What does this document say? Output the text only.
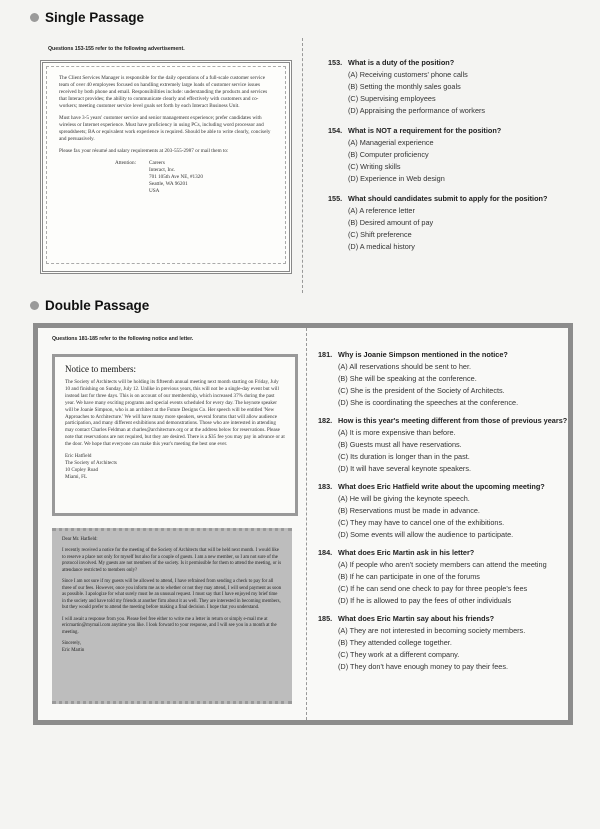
Single Passage
Questions 153-155 refer to the following advertisement.

The Client Services Manager is responsible for the daily operations of a full-scale customer service team of over 40 employees focused on handling extremely large loads of customer service issues received by both phone and email. Responsibilities include: understanding the products and services that Interact provides; the ability to communicate clearly and effectively with customers and co-workers; meeting customer service level goals set forth by each Interact Business Unit.

Must have 3-5 years' customer service and senior management experience; prefer candidates with wireless or Internet experience. Must have proficiency in using PCs, including word processor and spreadsheets; BA or equivalent work experience is required. Should be able to write clearly, concisely and persuasively.

Please fax your résumé and salary requirements at 203-555-2987 or mail them to:

Attention:	Careers
Interact, Inc.
701 105th Ave NE, #1320
Seattle, WA 96201
USA
153. What is a duty of the position?
(A) Receiving customers' phone calls
(B) Setting the monthly sales goals
(C) Supervising employees
(D) Appraising the performance of workers
154. What is NOT a requirement for the position?
(A) Managerial experience
(B) Computer proficiency
(C) Writing skills
(D) Experience in Web design
155. What should candidates submit to apply for the position?
(A) A reference letter
(B) Desired amount of pay
(C) Shift preference
(D) A medical history
Double Passage
Questions 181-185 refer to the following notice and letter.
Notice to members:

The Society of Architects will be holding its fifteenth annual meeting next month starting on Friday, July 10 and finishing on Sunday, July 12. Unlike in previous years, this will not be a single-day event but will instead last for three days. This is on account of our membership, which increased 37% during the past year. We have many exciting programs and special events scheduled for every day. The keynote speaker will be Joanie Simpson, who is an architect at the Future Designs Co. Her speech will be entitled 'New Approaches to Architecture.' We will have many more speakers, several forums that will allow audience participation, and many different exhibitions and demonstrations. Those who are interested in attending may contact Charles Feldman at charles@architecture.org or at the address below for reservations. Please note that reservations are not required, but they are desired. There is a $35 fee you may pay in advance or at the door. We hope that everyone can make this year's meeting the best one ever.

Eric Hatfield
The Society of Architects
10 Copley Road
Miami, FL

Dear Mr. Hatfield:

I recently received a notice for the meeting of the Society of Architects that will be held next month. I would like to reserve a place not only for myself but also for a couple of guests. I am a new member, so I am not sure of the protocol involved. My guests are not members of the society. Is it permissible for them to attend the meeting, or is attendance restricted to members only?

Since I am not sure if my guests will be allowed to attend, I have refrained from sending a check to pay for all three of our fees. However, once you inform me as to whether or not they may attend, I will send payment as soon as possible. I apologize for what surely must be an unusual request. I must say that I have enjoyed my brief time in the society and have told my friends at another firm about it as well. They are interested in becoming members, but they would prefer to attend the meeting before making a final decision. I hope that you understand.

I will await a response from you. Please feel free either to write me a letter in return or simply e-mail me at ericmartin@mymail.com anytime you like. I look forward to your response, and I will see you in a month at the meeting.

Sincerely,
Eric Martin
181. Why is Joanie Simpson mentioned in the notice?
(A) All reservations should be sent to her.
(B) She will be speaking at the conference.
(C) She is the president of the Society of Architects.
(D) She is coordinating the speeches at the conference.
182. How is this year's meeting different from those of previous years?
(A) It is more expensive than before.
(B) Guests must all have reservations.
(C) Its duration is longer than in the past.
(D) It will have several keynote speakers.
183. What does Eric Hatfield write about the upcoming meeting?
(A) He will be giving the keynote speech.
(B) Reservations must be made in advance.
(C) They may have to cancel one of the exhibitions.
(D) Some events will allow the audience to participate.
184. What does Eric Martin ask in his letter?
(A) If people who aren't society members can attend the meeting
(B) If he can participate in one of the forums
(C) If he can send one check to pay for three people's fees
(D) If he is allowed to pay the fees of other individuals
185. What does Eric Martin say about his friends?
(A) They are not interested in becoming society members.
(B) They attended college together.
(C) They work at a different company.
(D) They don't have enough money to pay their fees.
